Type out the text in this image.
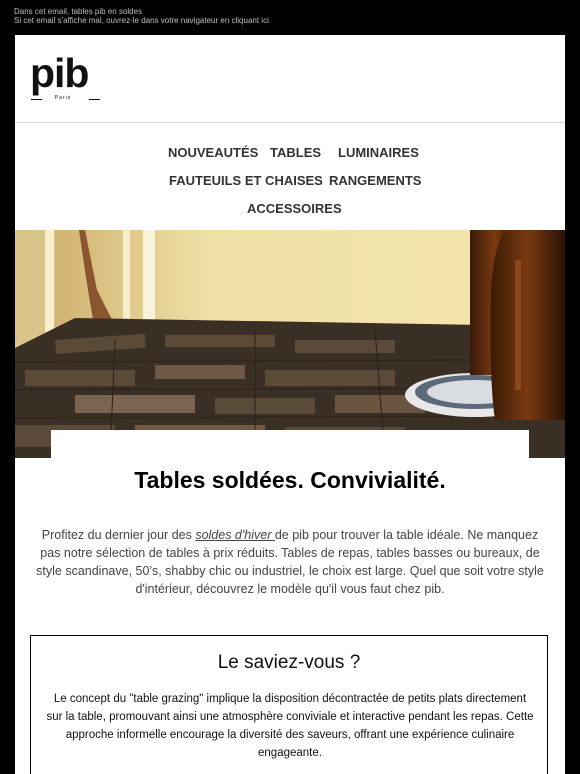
Dans cet email, tables pib en soldes
Si cet email s'affiche mal, ouvrez-le dans votre navigateur en cliquant ici
pib
Paris
NOUVEAUTÉS TABLES LUMINAIRES
FAUTEUILS ET CHAISES RANGEMENTS
ACCESSOIRES
Tables soldées. Convivialité.

Profitez du dernier jour des soldes d'hiver de pib pour trouver la table idéale. Ne manquez pas notre sélection de tables à prix réduits. Tables de repas, tables basses ou bureaux, de style scandinave, 50’s, shabby chic ou industriel, le choix est large. Quel que soit votre style d'intérieur, découvrez le modèle qu'il vous faut chez pib.

Le saviez-vous ?
Le concept du "table grazing" implique la disposition décontractée de petits plats directement sur la table, promouvant ainsi une atmosphère conviviale et interactive pendant les repas. Cette approche informelle encourage la diversité des saveurs, offrant une expérience culinaire engageante.
